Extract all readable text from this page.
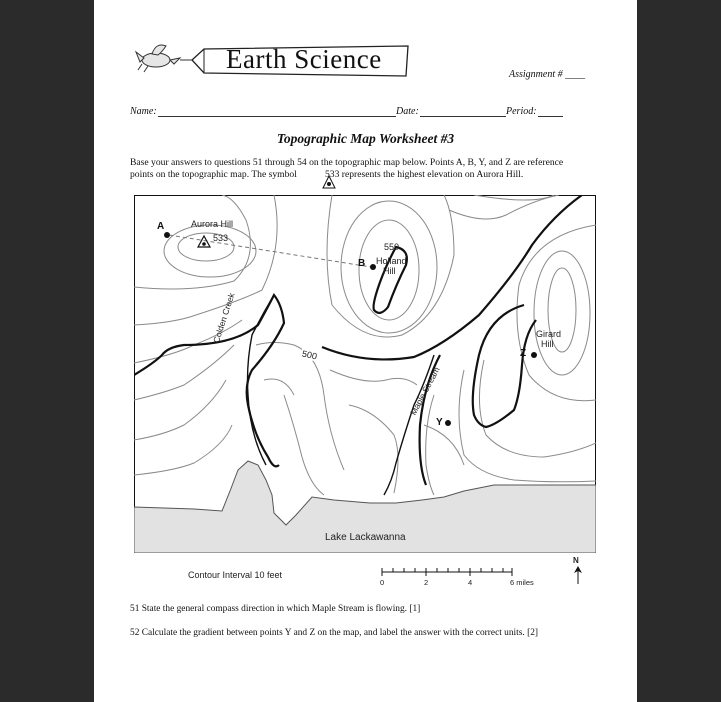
Earth Science
Assignment # ____
Name:	Date:	Period:
Topographic Map Worksheet #3
Base your answers to questions 51 through 54 on the topographic map below. Points A, B, Y, and Z are reference
points on the topographic map. The symbol	533 represents the highest elevation on Aurora Hill.
A	Aurora Hill
533
550
B Holland
Hill
Girard
Hill
Z
Y
500
Colden Creek
Maple Stream
Lake Lackawanna
Contour Interval 10 feet
0	2	4	6 miles
N
51 State the general compass direction in which Maple Stream is flowing. [1]
52 Calculate the gradient between points Y and Z on the map, and label the answer with the correct units. [2]
